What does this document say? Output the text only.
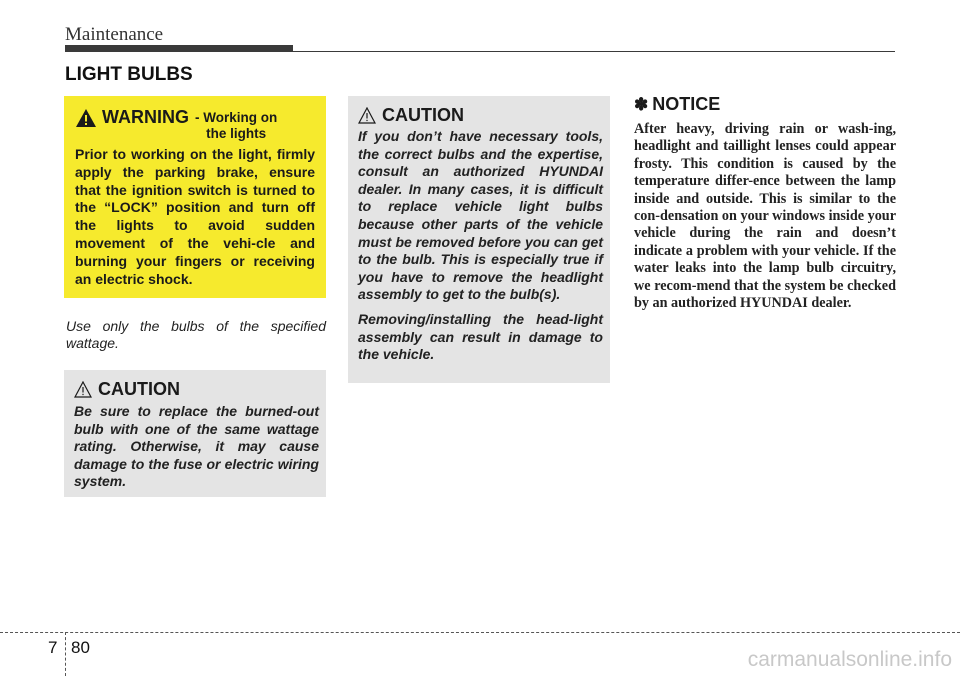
Maintenance
LIGHT BULBS
WARNING - Working on
the lights
Prior to working on the light, firmly apply the parking brake, ensure that the ignition switch is turned to the “LOCK” position and turn off the lights to avoid sudden movement of the vehi-cle and burning your fingers or receiving an electric shock.
Use only the bulbs of the specified wattage.
CAUTION
Be sure to replace the burned-out bulb with one of the same wattage rating. Otherwise, it may cause damage to the fuse or electric wiring system.
CAUTION

If you don’t have necessary tools, the correct bulbs and the expertise, consult an authorized HYUNDAI dealer. In many cases, it is difficult to replace vehicle light bulbs because other parts of the vehicle must be removed before you can get to the bulb. This is especially true if you have to remove the headlight assembly to get to the bulb(s).

Removing/installing the head-light assembly can result in damage to the vehicle.

✽ NOTICE
After heavy, driving rain or wash-ing, headlight and taillight lenses could appear frosty. This condition is caused by the temperature differ-ence between the lamp inside and outside. This is similar to the con-densation on your windows inside your vehicle during the rain and doesn’t indicate a problem with your vehicle. If the water leaks into the lamp bulb circuitry, we recom-mend that the system be checked by an authorized HYUNDAI dealer.
7 80
carmanualsonline.info
